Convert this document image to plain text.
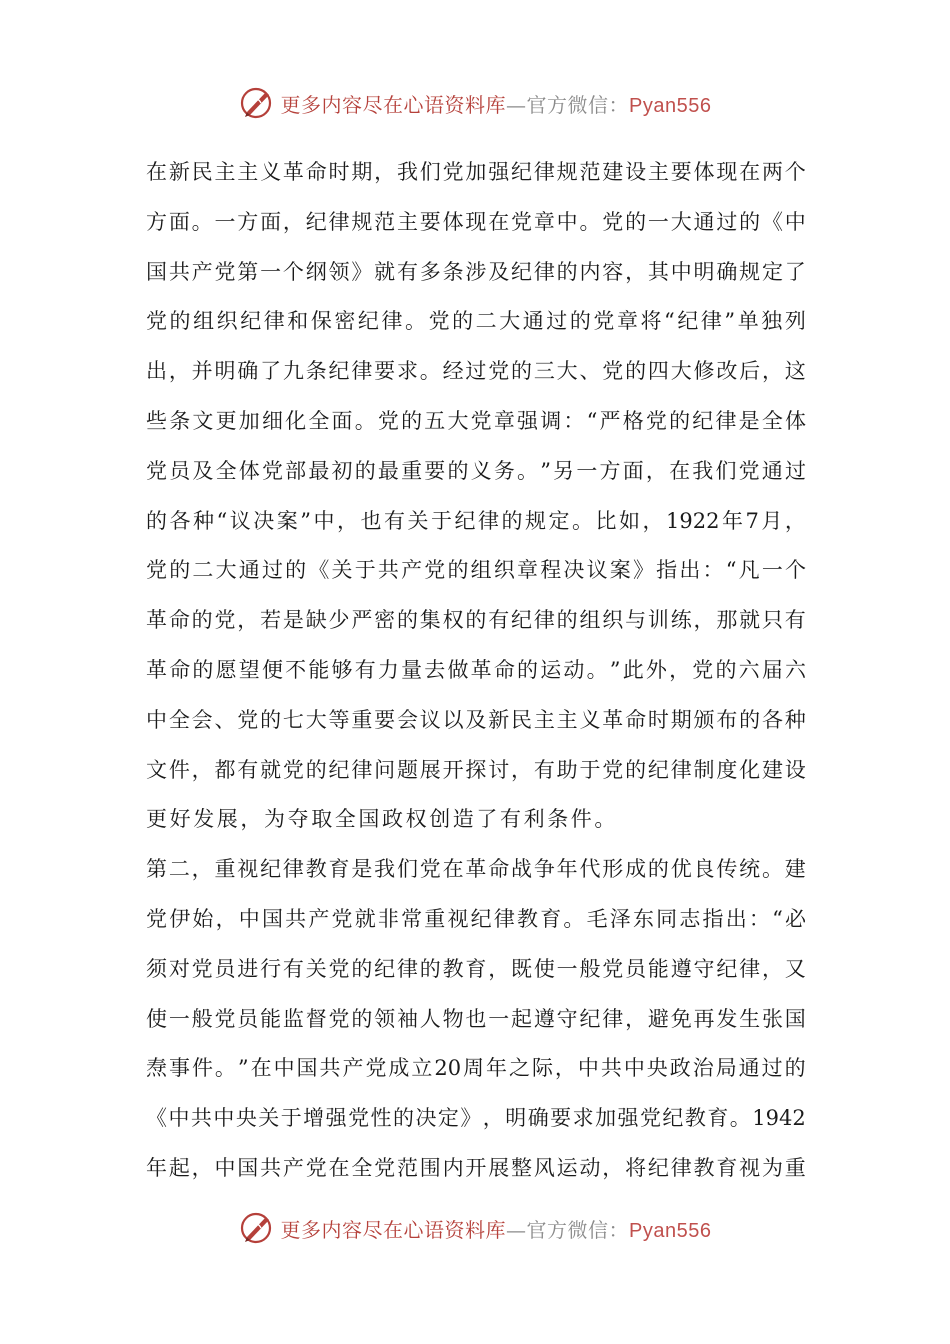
更多内容尽在心语资料库—官方微信：Pyan556
在 新 民 主 主 义 革 命 时 期 ， 我 们 党 加 强 纪 律 规 范 建 设 主 要 体 现 在 两 个
方 面 。 一 方 面 ， 纪 律 规 范 主 要 体 现 在 党 章 中 。 党 的 一 大 通 过 的 《 中
国 共 产 党 第 一 个 纲 领 》 就 有 多 条 涉 及 纪 律 的 内 容 ， 其 中 明 确 规 定 了
党 的 组 织 纪 律 和 保 密 纪 律 。 党 的 二 大 通 过 的 党 章 将 “ 纪 律 ” 单 独 列
出 ， 并 明 确 了 九 条 纪 律 要 求 。 经 过 党 的 三 大 、 党 的 四 大 修 改 后 ， 这
些 条 文 更 加 细 化 全 面 。 党 的 五 大 党 章 强 调 ： “ 严 格 党 的 纪 律 是 全 体
党 员 及 全 体 党 部 最 初 的 最 重 要 的 义 务 。 ” 另 一 方 面 ， 在 我 们 党 通 过
的 各 种 “ 议 决 案 ” 中 ， 也 有 关 于 纪 律 的 规 定 。 比 如 ， 1922 年 7 月 ，
党 的 二 大 通 过 的 《 关 于 共 产 党 的 组 织 章 程 决 议 案 》 指 出 ： “ 凡 一 个
革 命 的 党 ， 若 是 缺 少 严 密 的 集 权 的 有 纪 律 的 组 织 与 训 练 ， 那 就 只 有
革 命 的 愿 望 便 不 能 够 有 力 量 去 做 革 命 的 运 动 。 ” 此 外 ， 党 的 六 届 六
中 全 会 、 党 的 七 大 等 重 要 会 议 以 及 新 民 主 主 义 革 命 时 期 颁 布 的 各 种
文 件 ， 都 有 就 党 的 纪 律 问 题 展 开 探 讨 ， 有 助 于 党 的 纪 律 制 度 化 建 设
更好发展，为夺取全国政权创造了有利条件。
第 二 ， 重 视 纪 律 教 育 是 我 们 党 在 革 命 战 争 年 代 形 成 的 优 良 传 统 。 建
党 伊 始 ， 中 国 共 产 党 就 非 常 重 视 纪 律 教 育 。 毛 泽 东 同 志 指 出 ： “ 必
须 对 党 员 进 行 有 关 党 的 纪 律 的 教 育 ， 既 使 一 般 党 员 能 遵 守 纪 律 ， 又
使 一 般 党 员 能 监 督 党 的 领 袖 人 物 也 一 起 遵 守 纪 律 ， 避 免 再 发 生 张 国
焘 事 件 。 ” 在 中 国 共 产 党 成 立 20 周 年 之 际 ， 中 共 中 央 政 治 局 通 过 的
《 中 共 中 央 关 于 增 强 党 性 的 决 定 》 ， 明 确 要 求 加 强 党 纪 教 育 。 1942
年 起 ， 中 国 共 产 党 在 全 党 范 围 内 开 展 整 风 运 动 ， 将 纪 律 教 育 视 为 重
更多内容尽在心语资料库—官方微信：Pyan556
